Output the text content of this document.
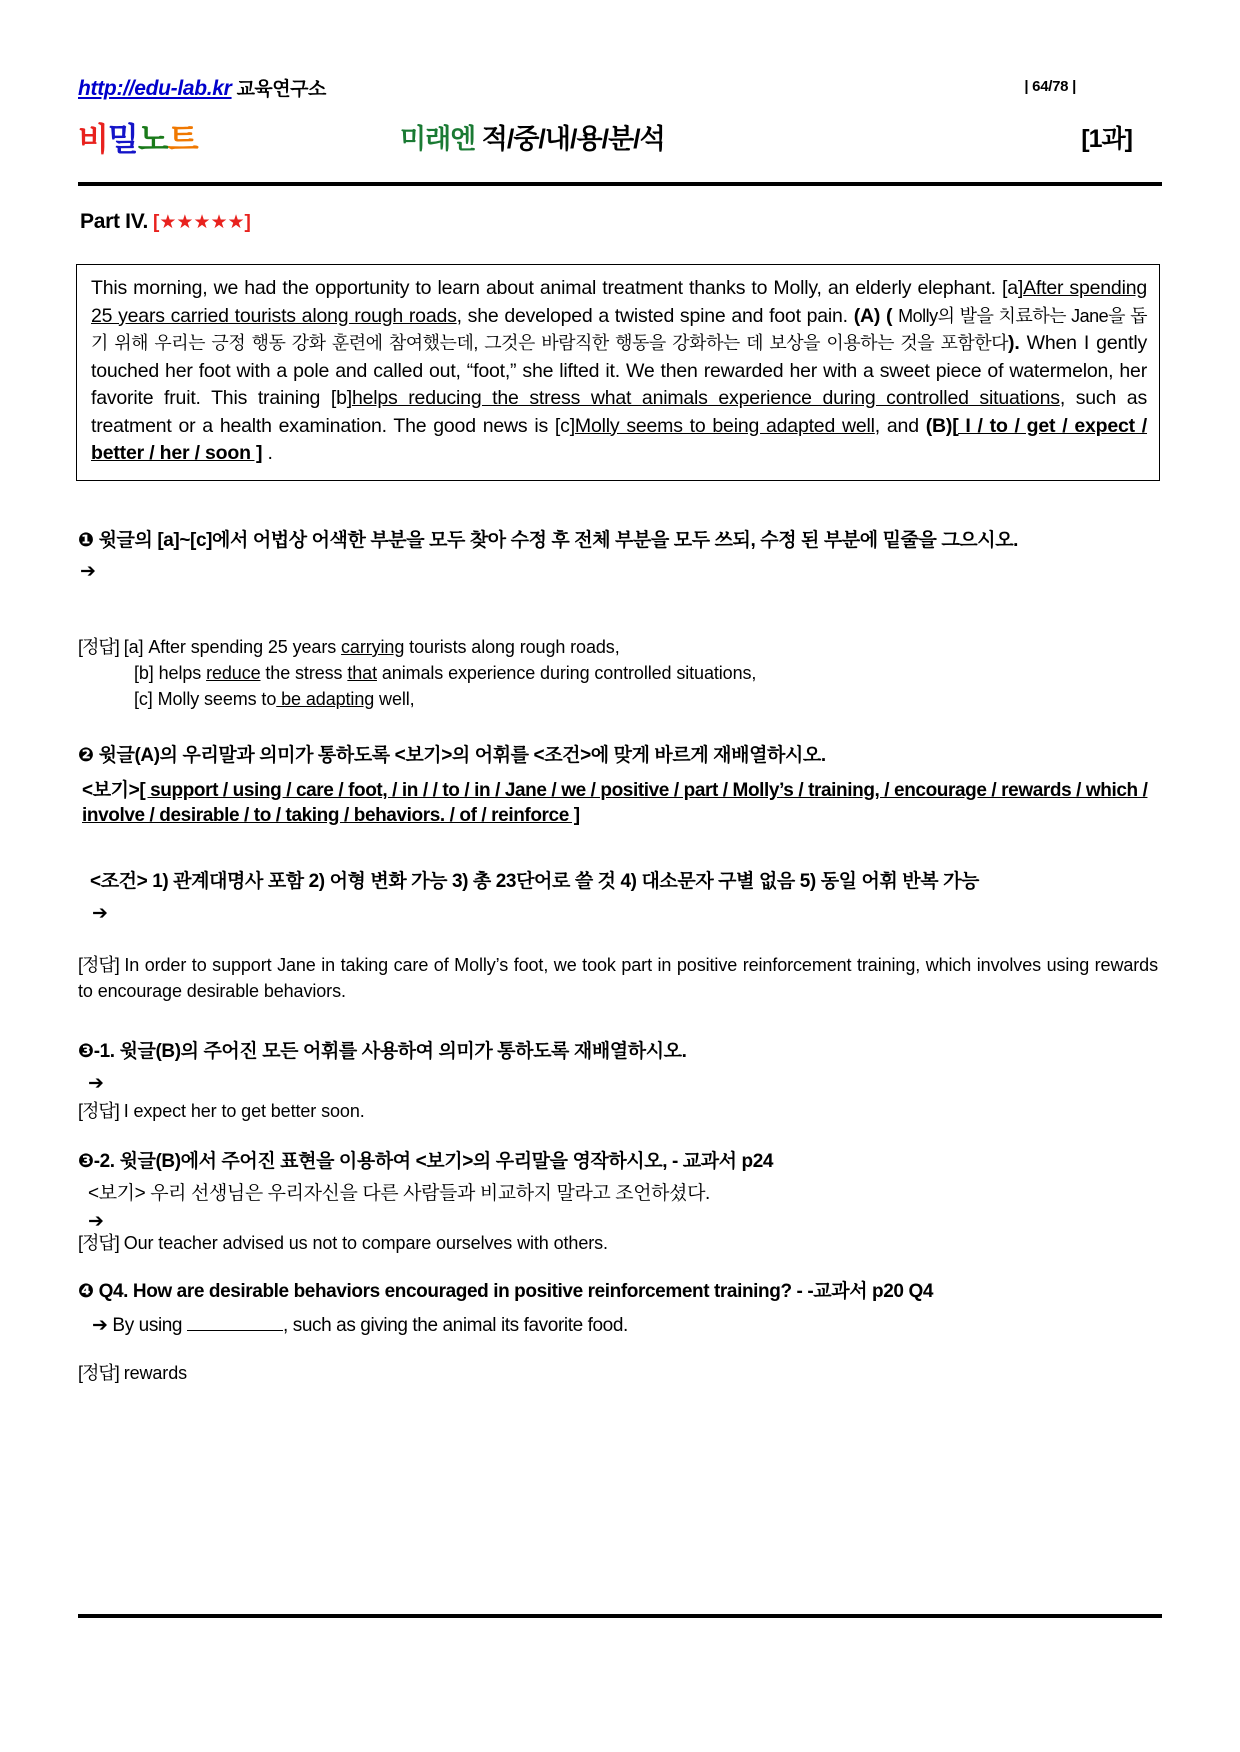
http://edu-lab.kr 교육연구소	| 64/78 |
비밀노트	미래엔 적/중/내/용/분/석	[1과]
Part IV. [★★★★★]
This morning, we had the opportunity to learn about animal treatment thanks to Molly, an elderly elephant. [a]After spending 25 years carried tourists along rough roads, she developed a twisted spine and foot pain. (A) ( Molly의 발을 치료하는 Jane을 돕기 위해 우리는 긍정 행동 강화 훈련에 참여했는데, 그것은 바람직한 행동을 강화하는 데 보상을 이용하는 것을 포함한다). When I gently touched her foot with a pole and called out, “foot,” she lifted it. We then rewarded her with a sweet piece of watermelon, her favorite fruit. This training [b]helps reducing the stress what animals experience during controlled situations, such as treatment or a health examination. The good news is [c]Molly seems to being adapted well, and (B)[ I / to / get / expect / better / her / soon ] .
❶ 윗글의 [a]~[c]에서 어법상 어색한 부분을 모두 찾아 수정 후 전체 부분을 모두 쓰되, 수정 된 부분에 밑줄을 그으시오.
➔
[정답] [a] After spending 25 years carrying tourists along rough roads,
[b] helps reduce the stress that animals experience during controlled situations,
[c] Molly seems to be adapting well,
❷ 윗글(A)의 우리말과 의미가 통하도록 <보기>의 어휘를 <조건>에 맞게 바르게 재배열하시오.
<보기>[ support / using / care / foot, / in / / to / in / Jane / we / positive / part / Molly’s / training, / encourage / rewards / which / involve / desirable / to / taking / behaviors. / of / reinforce ]
<조건> 1) 관계대명사 포함 2) 어형 변화 가능 3) 총 23단어로 쓸 것 4) 대소문자 구별 없음 5) 동일 어휘 반복 가능
➔
[정답] In order to support Jane in taking care of Molly’s foot, we took part in positive reinforcement training, which involves using rewards to encourage desirable behaviors.
❸-1. 윗글(B)의 주어진 모든 어휘를 사용하여 의미가 통하도록 재배열하시오.
➔
[정답] I expect her to get better soon.
❸-2. 윗글(B)에서 주어진 표현을 이용하여 <보기>의 우리말을 영작하시오, - 교과서 p24
<보기> 우리 선생님은 우리자신을 다른 사람들과 비교하지 말라고 조언하셨다.
➔
[정답] Our teacher advised us not to compare ourselves with others.
❹ Q4. How are desirable behaviors encouraged in positive reinforcement training? - -교과서 p20 Q4
➔ By using	, such as giving the animal its favorite food.
[정답] rewards
